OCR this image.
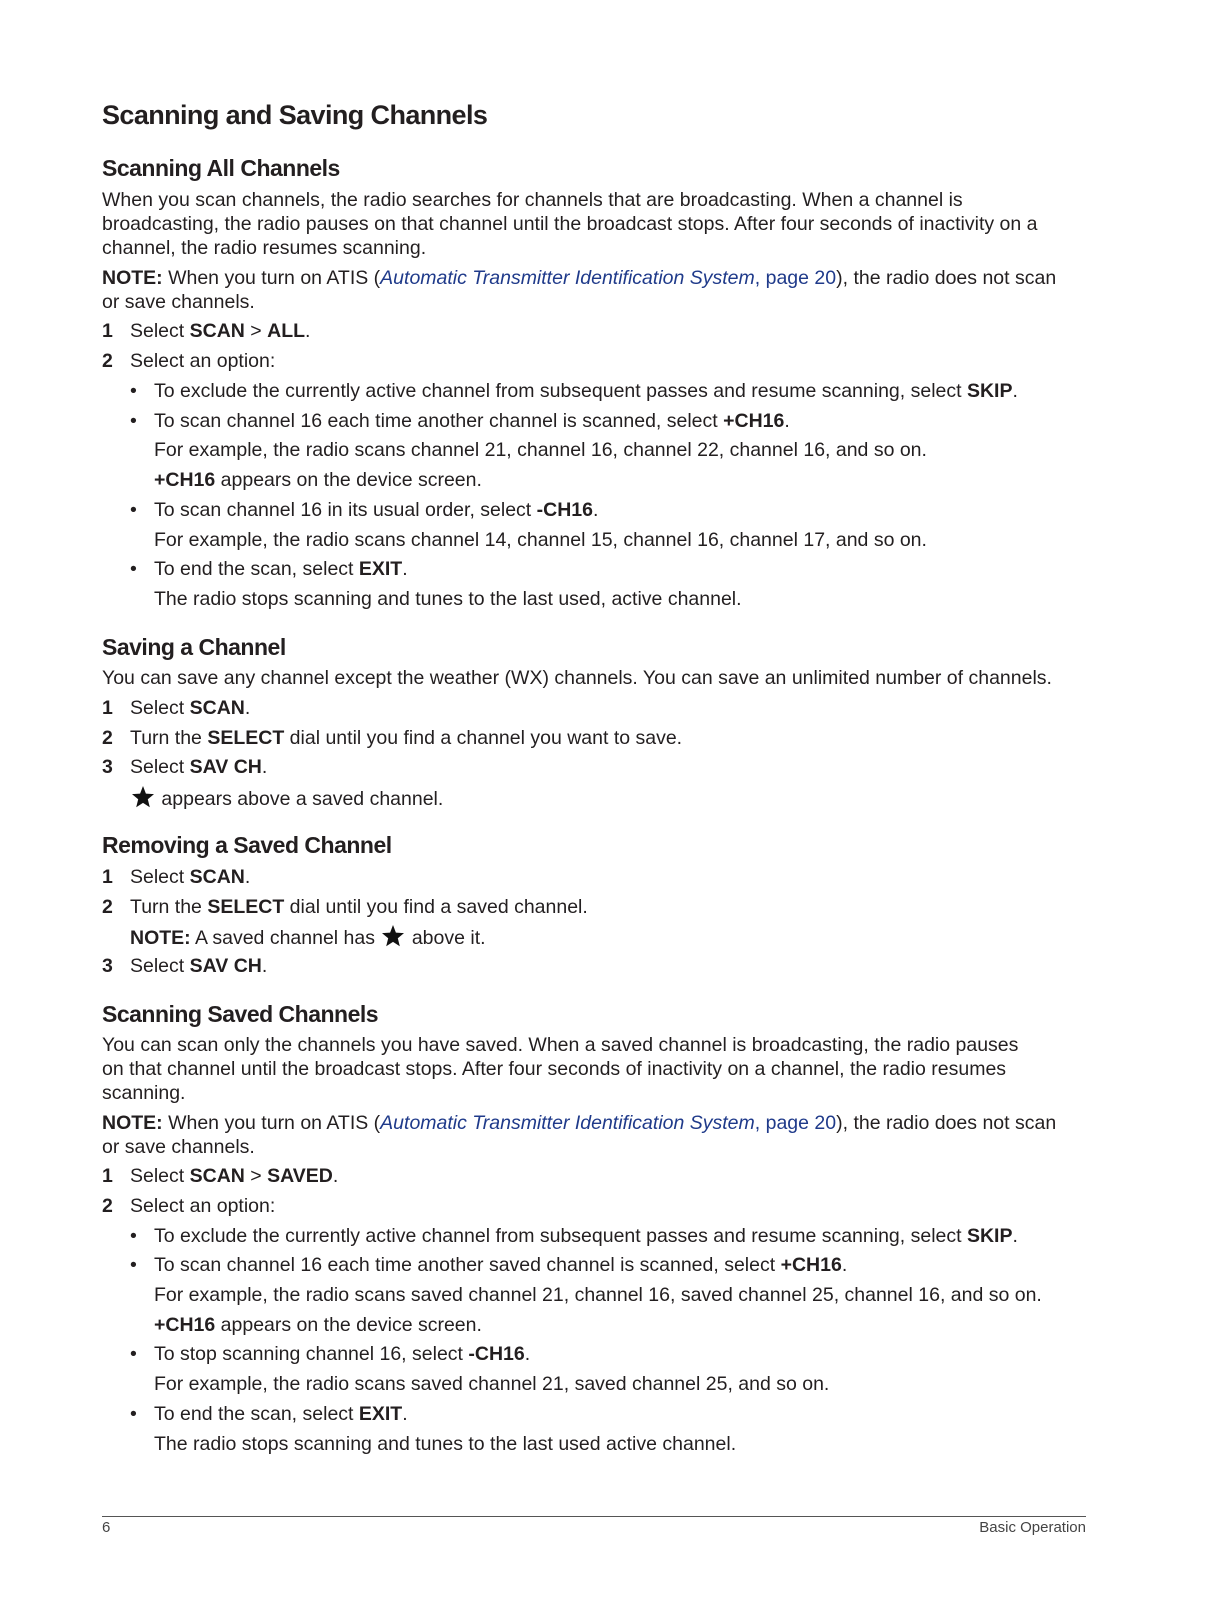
Scanning and Saving Channels
Scanning All Channels
When you scan channels, the radio searches for channels that are broadcasting. When a channel is
broadcasting, the radio pauses on that channel until the broadcast stops. After four seconds of inactivity on a
channel, the radio resumes scanning.
NOTE: When you turn on ATIS (Automatic Transmitter Identification System, page 20), the radio does not scan
or save channels.
1 Select SCAN > ALL.
2 Select an option:
• To exclude the currently active channel from subsequent passes and resume scanning, select SKIP.
• To scan channel 16 each time another channel is scanned, select +CH16.
For example, the radio scans channel 21, channel 16, channel 22, channel 16, and so on.
+CH16 appears on the device screen.
• To scan channel 16 in its usual order, select -CH16.
For example, the radio scans channel 14, channel 15, channel 16, channel 17, and so on.
• To end the scan, select EXIT.
The radio stops scanning and tunes to the last used, active channel.
Saving a Channel
You can save any channel except the weather (WX) channels. You can save an unlimited number of channels.
1 Select SCAN.
2 Turn the SELECT dial until you find a channel you want to save.
3 Select SAV CH.
appears above a saved channel.
Removing a Saved Channel
1 Select SCAN.
2 Turn the SELECT dial until you find a saved channel.
NOTE: A saved channel has  above it.
3 Select SAV CH.
Scanning Saved Channels
You can scan only the channels you have saved. When a saved channel is broadcasting, the radio pauses
on that channel until the broadcast stops. After four seconds of inactivity on a channel, the radio resumes
scanning.
NOTE: When you turn on ATIS (Automatic Transmitter Identification System, page 20), the radio does not scan
or save channels.
1 Select SCAN > SAVED.
2 Select an option:
• To exclude the currently active channel from subsequent passes and resume scanning, select SKIP.
• To scan channel 16 each time another saved channel is scanned, select +CH16.
For example, the radio scans saved channel 21, channel 16, saved channel 25, channel 16, and so on.
+CH16 appears on the device screen.
• To stop scanning channel 16, select -CH16.
For example, the radio scans saved channel 21, saved channel 25, and so on.
• To end the scan, select EXIT.
The radio stops scanning and tunes to the last used active channel.
6	Basic Operation
